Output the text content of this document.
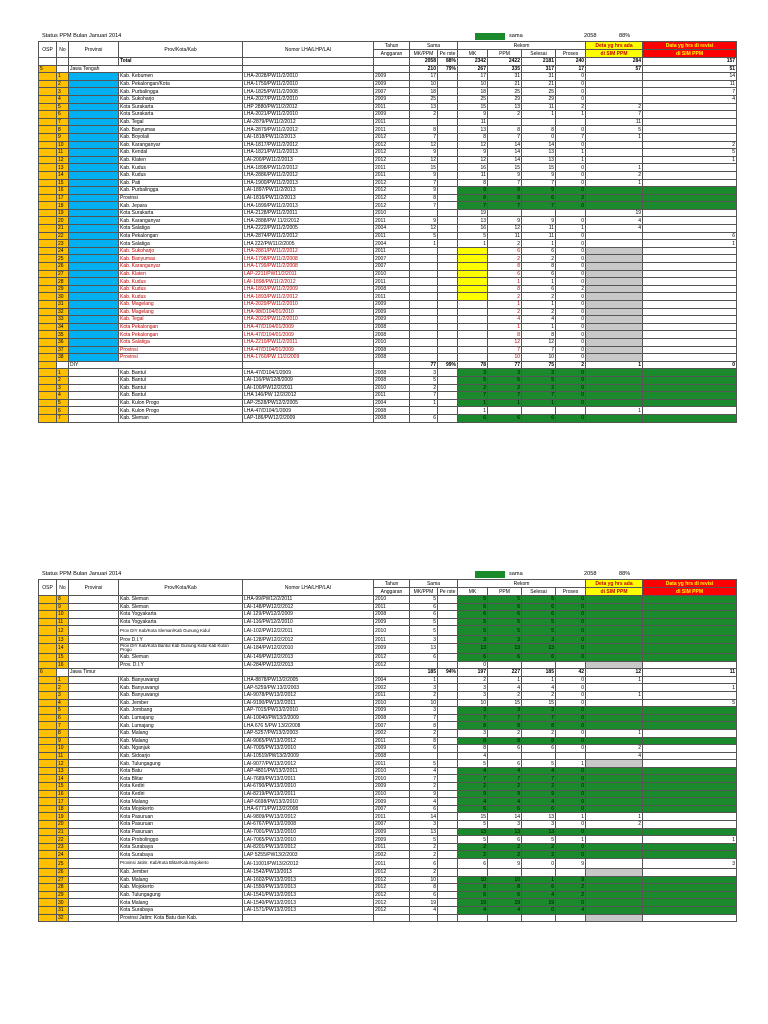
Status PPM Bulan Januari 2014	sama	2058	88%
OSP	No	Provinsi	Prov/Kota/Kab	Nomor LHA/LHP/LAI	Tahun	Sama		Rekom				Deta yg hrs ada	Data yg hrs di revisi
					Anggaran	MK/PPM	Pe rste	MK	PPM	Selesai	Proses	di SIM PPM	di SIM PPM
			Total			2058	88%	2342	2422	2181	240	284	157
5		Jawa Tengah				210	79%	267	335	317	17	57	51
	1		Kab. Kebumen	LHA-2028/PW11/2/2010	2009	17		17	31	31	0		14
	2		Kab. Pekalongan/Kota	LHA-1759/PW11/2/2010	2009	10		10	21	21	0		11
	3		Kab. Purbalingga	LHA-1825/PW11/2/2008	2007	18		18	25	25	0		7
	4		Kab. Sukoharjo	LHA-2027/PW11/2/2010	2009	25		25	29	29	0		4
	5		Kota Surakarta	LHP 2880/PW11/2/2012	2011	13		15	13	11	2	2	
	6		Kota Surakarta	LHA-2021/PW11/2/2010	2009	2		9	2	1	1	7	
	7		Kab. Tegal	LAI-2879/PW11/2/2012	2011			11				11	
	8		Kab. Banyumas	LHA-2879/PW11/2/2012	2011	8		13	8	8	0	5	
	9		Kab. Boyolali	LAI-1818/PW11/2/2013	2012	7		8	7	0	7	1	
	10		Kab. Karanganyar	LHA-1817/PW11/2/2012	2012	12		12	14	14	0		2
	11		Kab. Kendal	LHA-1821/PW11/2/2013	2012	9		9	14	13	1		5
	12		Kab. Klaten	LAI-200/PW11/2/2013	2012	12		12	14	13	1		1
	13		Kab. Kudus	LHA-1898/PW11/2/2012	2011	15		16	15	15	0	1	
	14		Kab. Kudus	LHA-2886/PW11/2/2012	2011	9		11	9	9	0	2	
	15		Kab. Pati	LHA-1900/PW11/2/2013	2012	7		8	7	7	0	1	
	16		Kab. Purbalingga	LAI-1897/PW11/2/2013	2012	9		9	9	9	0		
	17		Provinsi	LAI-1816/PW11/2/2013	2012	8		8	8	6	2		
	18		Kab. Jepara	LHA-1899/PW11/2/2013	2012	7		7	7	7	0		
	19		Kota Surakarta	LHA-2128/PW11/2/2011	2010			19				19	
	20		Kab. Karanganyar	LHA-2888/PW 11/2/2012	2011	9		13	9	9	0	4	
	21		Kota Salatiga	LHA-2222/PW11/2/2005	2004	12		16	12	11	1	4	
	22		Kota Pekalongan	LHA-2874/PW11/2/2012	2011	5		5	11	11	0		6
	23		Kota Salatiga	LHA 222/PW11/2/2005	2004	1		1	2	1	0		1
	24		Kab. Sukoharjo	LHA-2881/PW11/2/2012	2011				6	6	0		
	25		Kab. Banyumas	LHA-1798/PW11/2/2008	2007				2	2	0		
	26		Kab. Karanganyar	LHA-1799/PW11/2/2008	2007				8	8	0		
	27		Kab. Klaten	LAP-2211/PW11/2/2011	2010				6	6	0		
	28		Kab. Kudus	LAI-1898/PW11/2/2012	2011				1	1	0		
	29		Kab. Kudus	LHA-1893/PW11/2/2009	2008				8	6	2		
	30		Kab. Kudus	LHA-1893/PW11/2/2012	2011				2	2	0		
	31		Kab. Magelang	LHA-2029/PW11/2/2010	2009				1	1	0		
	32		Kab. Magelang	LHA-98/D104/01/2010	2009				2	2	0		
	33		Kab. Tegal	LHA-2022/PW11/2/2010	2009				4	4	0		
	34		Kota Pekalongan	LHA-47/D104/01/2009	2008				1	1	0		
	35		Kota Pekalongan	LHA-47/D104/01/2009	2008				8	8	0		
	36		Kota Salatiga	LHA-2210/PW11/2/2011	2010				12	12	0		
	37		Provinsi	LHA-47/D104/01/2009	2008				7	7	0		
	38		Provinsi	LHA-1760/PW 11/2/2009	2008				10	10	0		
		DIY				77	99%	78	77	75	2	1	0
	1		Kab. Bantul	LHA-47/D104/1/2009	2008	3		3	3	3	0		
	2		Kab. Bantul	LAI-116/PW12/8/2009	2008	5		5	5	5	0		
	3		Kab. Bantul	LAI-100/PW12/2/2011	2010	2		2	2	2	0		
	4		Kab. Bantul	LHA 146/PW 12/2/2012	2011	7		7	7	7	0		
	5		Kab. Kulon Progo	LAP-2528/PW12/2/2005	2004	1		1	1	1	0		
	6		Kab. Kulon Progo	LHA-47/D104/1/2009	2008			1				1	
	7		Kab. Sleman	LAP-186/PW12/2/2009	2008	6		6	6	6	0		
Status PPM Bulan Januari 2014	sama	2058	88%
OSP	No	Provinsi	Prov/Kota/Kab	Nomor LHA/LHP/LAI	Tahun	Sama		Rekom				Deta yg hrs ada	Data yg hrs di revisi
					Anggaran	MK/PPM	Pe rste	MK	PPM	Selesai	Proses	di SIM PPM	di SIM PPM
	8		Kab. Sleman	LHA-99/PW12/2/2011	2010	5		5	5	5	0		
	9		Kab. Sleman	LAI-148/PW12/2/2012	2011	6		6	6	6	0		
	10		Kota Yogyakarta	LAI 129/PW12/2/2009	2008	6		6	6	6	0		
	11		Kota Yogyakarta	LAI-116/PW12/2/2010	2009	5		5	5	5	0		
	12		Prov DIY Kab/Kota Sleman/Kab Gunung Kidul	LAI-102/PW12/2/2011	2010	5		5	5	5	0		
	13		Prov D.I.Y	LAI-128/PW12/2/2012	2011	3		3	3	3	0		
	14		Prov DIY Kab/Kota Bantul Kab Gunung Kidul Kab Kulon Progo	LAI-184/PW12/2/2010	2009	13		13	13	13	0		
	15		Kab. Sleman	LAI-149/PW12/2/2013	2012	6		6	6	6	0		
	16		Prov. D.I.Y	LAI-284/PW12/2/2013	2012			0					
6		Jawa Timur				185	94%	197	227	185	42	12	11
	1		Kab. Banyuwangi	LHA-8878/PW13/2/2005	2004	1		2	1	1	0	1	
	2		Kab. Banyuwangi	LAP-5259/PW.13/2/2003	2002	3		3	4	4	0		1
	3		Kab. Banyuwangi	LAI-9078/PW13/2/2012	2011	2		3	2	2	0	1	
	4		Kab. Jember	LAI-9190/PW13/2/2011	2010	10		10	15	15	0		5
	5		Kab. Jombang	LAP-7015/PW13/2/2010	2009	3		3	3	3	0		
	6		Kab. Lumajang	LAI-10040/PW13/2/2009	2008	7		7	7	7	0		
	7		Kab. Lumajang	LHA 676 5/PW 13/2/2008	2007	8		8	8	8	0		
	8		Kab. Malang	LAP-5257/PW13/2/2003	2002	2		3	2	2	0	1	
	9		Kab. Malang	LAI-9065/PW13/2/2012	2011	8		8	8	8	0		
	10		Kab. Nganjuk	LAI-7005/PW13/2/2010	2009	6		8	6	6	0	2	
	11		Kab. Sidoarjo	LAI-10519/PW13/2/2009	2008			4				4	
	12		Kab. Tulungagung	LAI-9077/PW13/2/2012	2011	5		5	6	5	1		
	13		Kota Batu	LAP-4801/PW13/2/2011	2010	4		4	4	4	0		
	14		Kota Blitar	LAI-7689/PW13/2/2011	2010	7		7	7	7	0		
	15		Kota Kediri	LAI-6790/PW13/2/2010	2009	2		2	2	2	0		
	16		Kota Kediri	LAI-8219/PW13/2/2011	2010	9		9	9	9	0		
	17		Kota Malang	LAP-6698/PW13/2/2010	2009	4		4	4	4	0		
	18		Kota Mojokerto	LHA-6771/PW13/2/2008	2007	6		6	6	6	0		
	19		Kota Pasuruan	LAI-9809/PW13/2/2012	2011	14		15	14	13	1	1	
	20		Kota Pasuruan	LAI-6767/PW13/2/2008	2007	3		5	3	3	0	2	
	21		Kota Pasuruan	LAI-7001/PW13/2/2010	2009	13		13	13	13	0		
	22		Kota Probolinggo	LAI-7065/PW13/2/2010	2009	5		5	6	5	1		1
	23		Kota Surabaya	LAI-8201/PW13/2/2012	2011	2		2	2	2	0		
	24		Kota Surabaya	LAP 5255/PW13/2/2003	2002	2		2	2	2	0		
	25		Provinsi Jatim: Kab/Kota Blitar/Kab.Mojokerto	LAI-11001/PW13/2/2012	2011	6		6	9	0	9		3
	26		Kab. Jember	LAI-1542/PW13/2013	2012	2							
	27		Kab. Malang	LAI-1602/PW13/2/2013	2012	10		10	10	1	9		
	28		Kab. Mojokerto	LAI-1550/PW13/2/2013	2012	8		8	8	6	2		
	29		Kab. Tulungagung	LAI-1541/PW13/2/2013	2012	6		6	6	4	2		
	30		Kota Malang	LAI-1540/PW13/2/2013	2012	19		19	19	19	0		
	31		Kota Surabaya	LAI-1571/PW13/2/2013	2012	4		4	4	0	4		
	32		Provinsi Jatim: Kota Batu dan Kab.										
